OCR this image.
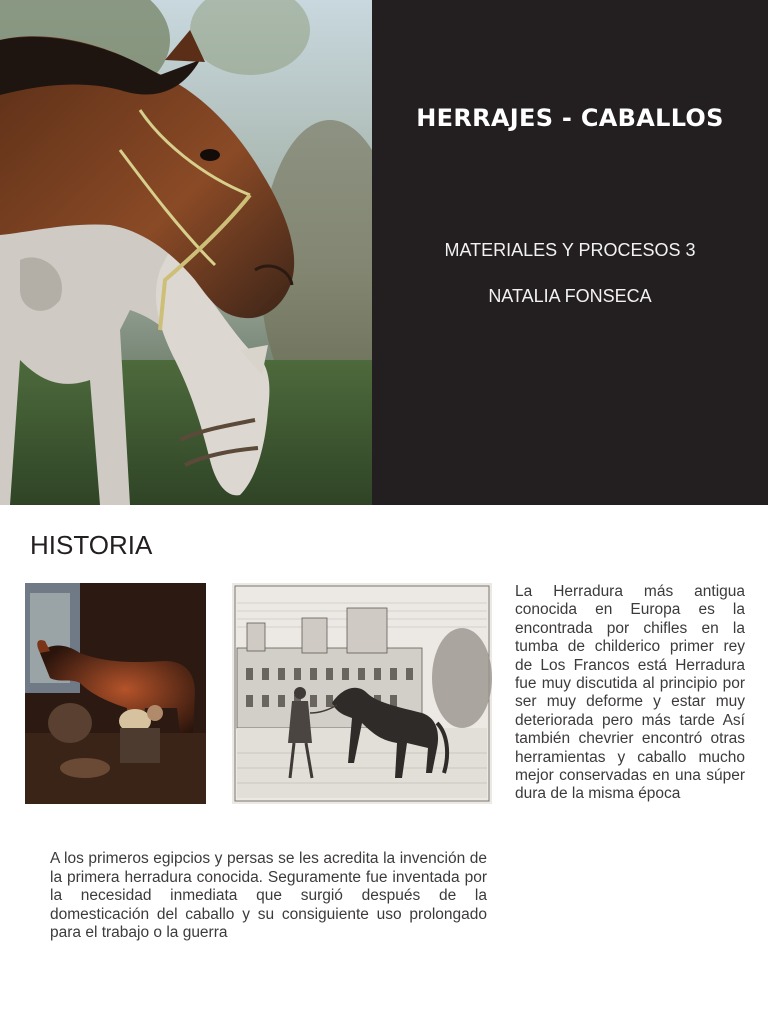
HERRAJES - CABALLOS
MATERIALES Y PROCESOS 3
NATALIA FONSECA
HISTORIA

La Herradura más antigua conocida en Europa es la encontrada por chifles en la tumba de childerico primer rey de Los Francos está Herradura fue muy discutida al principio por ser muy deforme y estar muy deteriorada pero más tarde Así también chevrier encontró otras herramientas y caballo mucho mejor conservadas en una súper dura de la misma época

A los primeros egipcios y persas se les acredita la invención de la primera herradura conocida. Seguramente fue inventada por la necesidad inmediata que surgió después de la domesticación del caballo y su consiguiente uso prolongado para el trabajo o la guerra
